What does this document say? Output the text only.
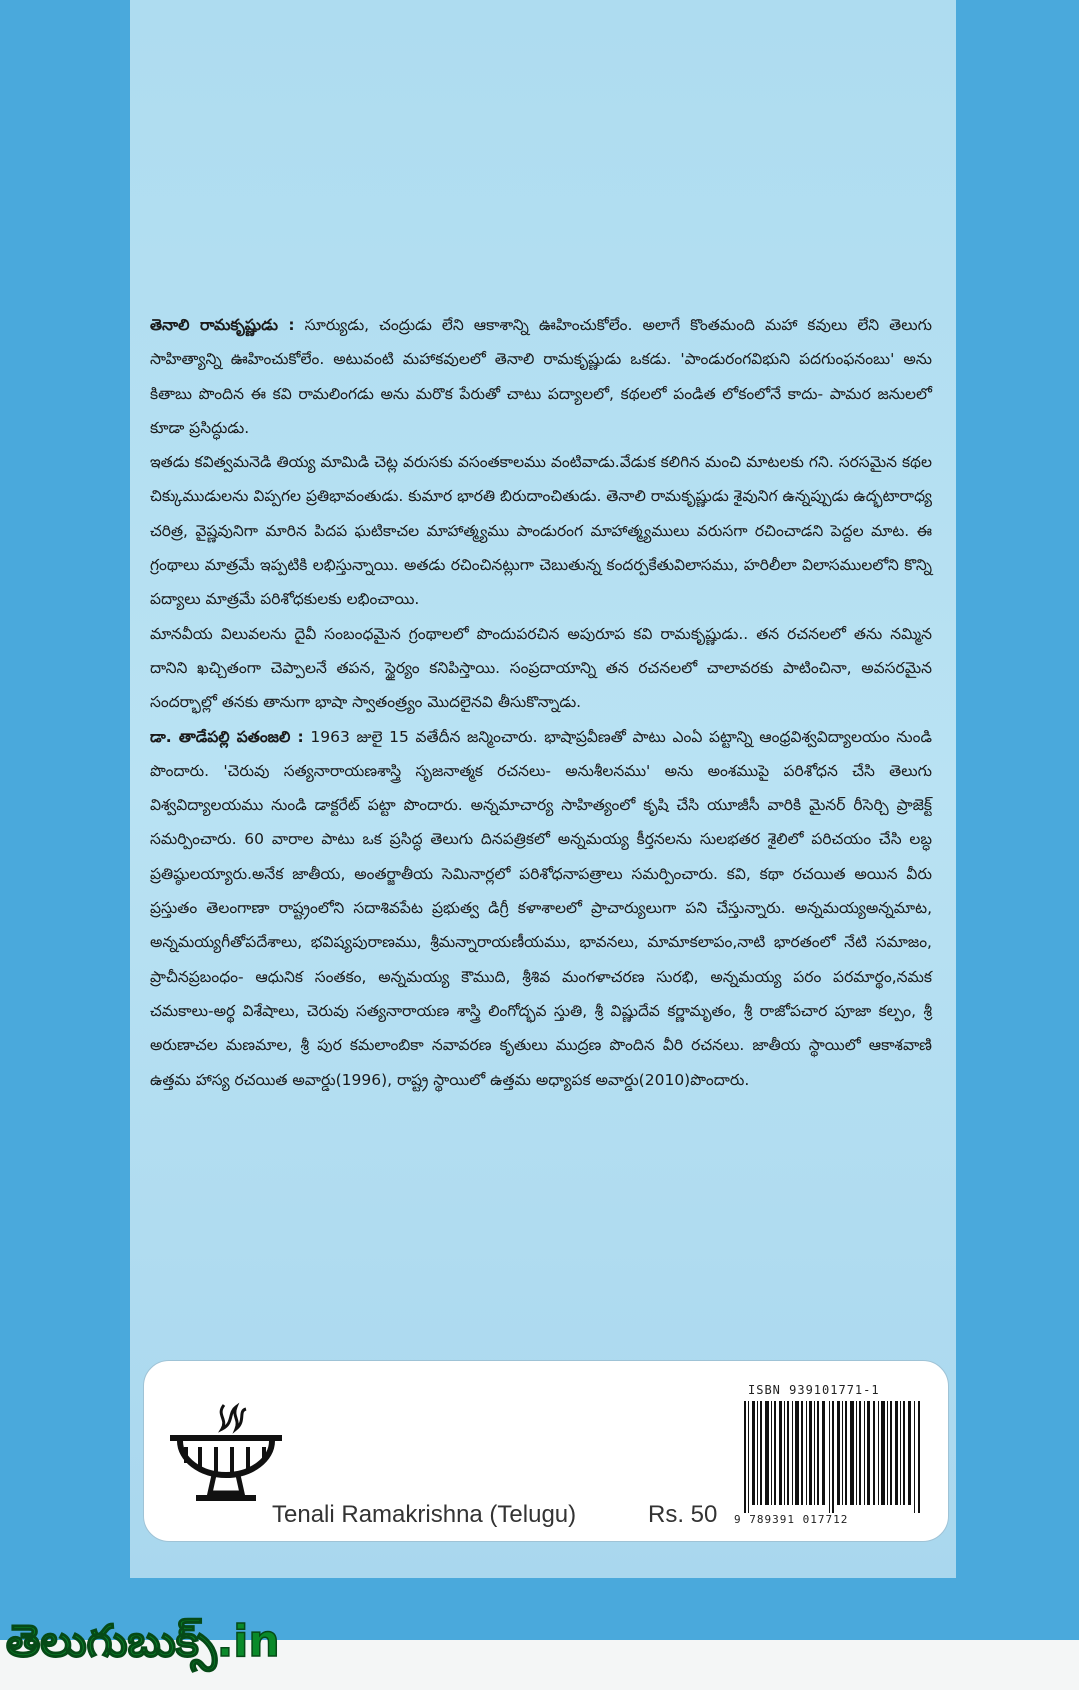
తెనాలి రామకృష్ణుడు : సూర్యుడు, చంద్రుడు లేని ఆకాశాన్ని ఊహించుకోలేం. అలాగే కొంతమంది మహా కవులు లేని తెలుగు సాహిత్యాన్ని ఊహించుకోలేం. అటువంటి మహాకవులలో తెనాలి రామకృష్ణుడు ఒకడు. 'పాండురంగవిభుని పదగుంఫనంబు' అను కితాబు పొందిన ఈ కవి రామలింగడు అను మరొక పేరుతో చాటు పద్యాలలో, కథలలో పండిత లోకంలోనే కాదు- పామర జనులలో కూడా ప్రసిద్ధుడు.

ఇతడు కవిత్వమనెడి తియ్య మామిడి చెట్ల వరుసకు వసంతకాలము వంటివాడు.వేడుక కలిగిన మంచి మాటలకు గని. సరసమైన కథల చిక్కుముడులను విప్పగల ప్రతిభావంతుడు. కుమార భారతి బిరుదాంచితుడు. తెనాలి రామకృష్ణుడు శైవునిగ ఉన్నప్పుడు ఉద్భటారాధ్య చరిత్ర, వైష్ణవునిగా మారిన పిదప ఘటికాచల మాహాత్మ్యము పాండురంగ మాహాత్మ్యములు వరుసగా రచించాడని పెద్దల మాట. ఈ గ్రంథాలు మాత్రమే ఇప్పటికి లభిస్తున్నాయి. అతడు రచించినట్లుగా చెబుతున్న కందర్పకేతువిలాసము, హరిలీలా విలాసములలోని కొన్ని పద్యాలు మాత్రమే పరిశోధకులకు లభించాయి.

మానవీయ విలువలను దైవీ సంబంధమైన గ్రంథాలలో పొందుపరచిన అపురూప కవి రామకృష్ణుడు.. తన రచనలలో తను నమ్మిన దానిని ఖచ్చితంగా చెప్పాలనే తపన, స్థైర్యం కనిపిస్తాయి. సంప్రదాయాన్ని తన రచనలలో చాలావరకు పాటించినా, అవసరమైన సందర్భాల్లో తనకు తానుగా భాషా స్వాతంత్ర్యం మొదలైనవి తీసుకొన్నాడు.

డా. తాడేపల్లి పతంజలి : 1963 జులై 15 వతేదీన జన్మించారు. భాషాప్రవీణతో పాటు ఎంఏ పట్టాన్ని ఆంధ్రవిశ్వవిద్యాలయం నుండి పొందారు. 'చెరువు సత్యనారాయణశాస్త్రి సృజనాత్మక రచనలు- అనుశీలనము' అను అంశముపై పరిశోధన చేసి తెలుగు విశ్వవిద్యాలయము నుండి డాక్టరేట్ పట్టా పొందారు. అన్నమాచార్య సాహిత్యంలో కృషి చేసి యూజీసీ వారికి మైనర్ రీసెర్చి ప్రాజెక్ట్ సమర్పించారు. 60 వారాల పాటు ఒక ప్రసిద్ధ తెలుగు దినపత్రికలో అన్నమయ్య కీర్తనలను సులభతర శైలిలో పరిచయం చేసి లబ్ధ ప్రతిష్ఠులయ్యారు.అనేక జాతీయ, అంతర్జాతీయ సెమినార్లలో పరిశోధనాపత్రాలు సమర్పించారు. కవి, కథా రచయిత అయిన వీరు ప్రస్తుతం తెలంగాణా రాష్ట్రంలోని సదాశివపేట ప్రభుత్వ డిగ్రీ కళాశాలలో ప్రాచార్యులుగా పని చేస్తున్నారు. అన్నమయ్యఅన్నమాట, అన్నమయ్యగీతోపదేశాలు, భవిష్యపురాణము, శ్రీమన్నారాయణీయము, భావనలు, మామాకలాపం,నాటి భారతంలో నేటి సమాజం, ప్రాచీనప్రబంధం- ఆధునిక సంతకం, అన్నమయ్య కౌముది, శ్రీశివ మంగళాచరణ సురభి, అన్నమయ్య పరం పరమార్థం,నమక చమకాలు-అర్థ విశేషాలు, చెరువు సత్యనారాయణ శాస్త్రి లింగోద్భవ స్తుతి, శ్రీ విష్ణుదేవ కర్ణామృతం, శ్రీ రాజోపచార పూజా కల్పం, శ్రీ అరుణాచల మణమాల, శ్రీ పుర కమలాంబికా నవావరణ కృతులు ముద్రణ పొందిన వీరి రచనలు. జాతీయ స్థాయిలో ఆకాశవాణి ఉత్తమ హాస్య రచయిత అవార్డు(1996), రాష్ట్ర స్థాయిలో ఉత్తమ అధ్యాపక అవార్డు(2010)పొందారు.

Tenali Ramakrishna (Telugu)	Rs. 50
ISBN 939101771-1
9 789391 017712
తెలుగుబుక్స్.in
